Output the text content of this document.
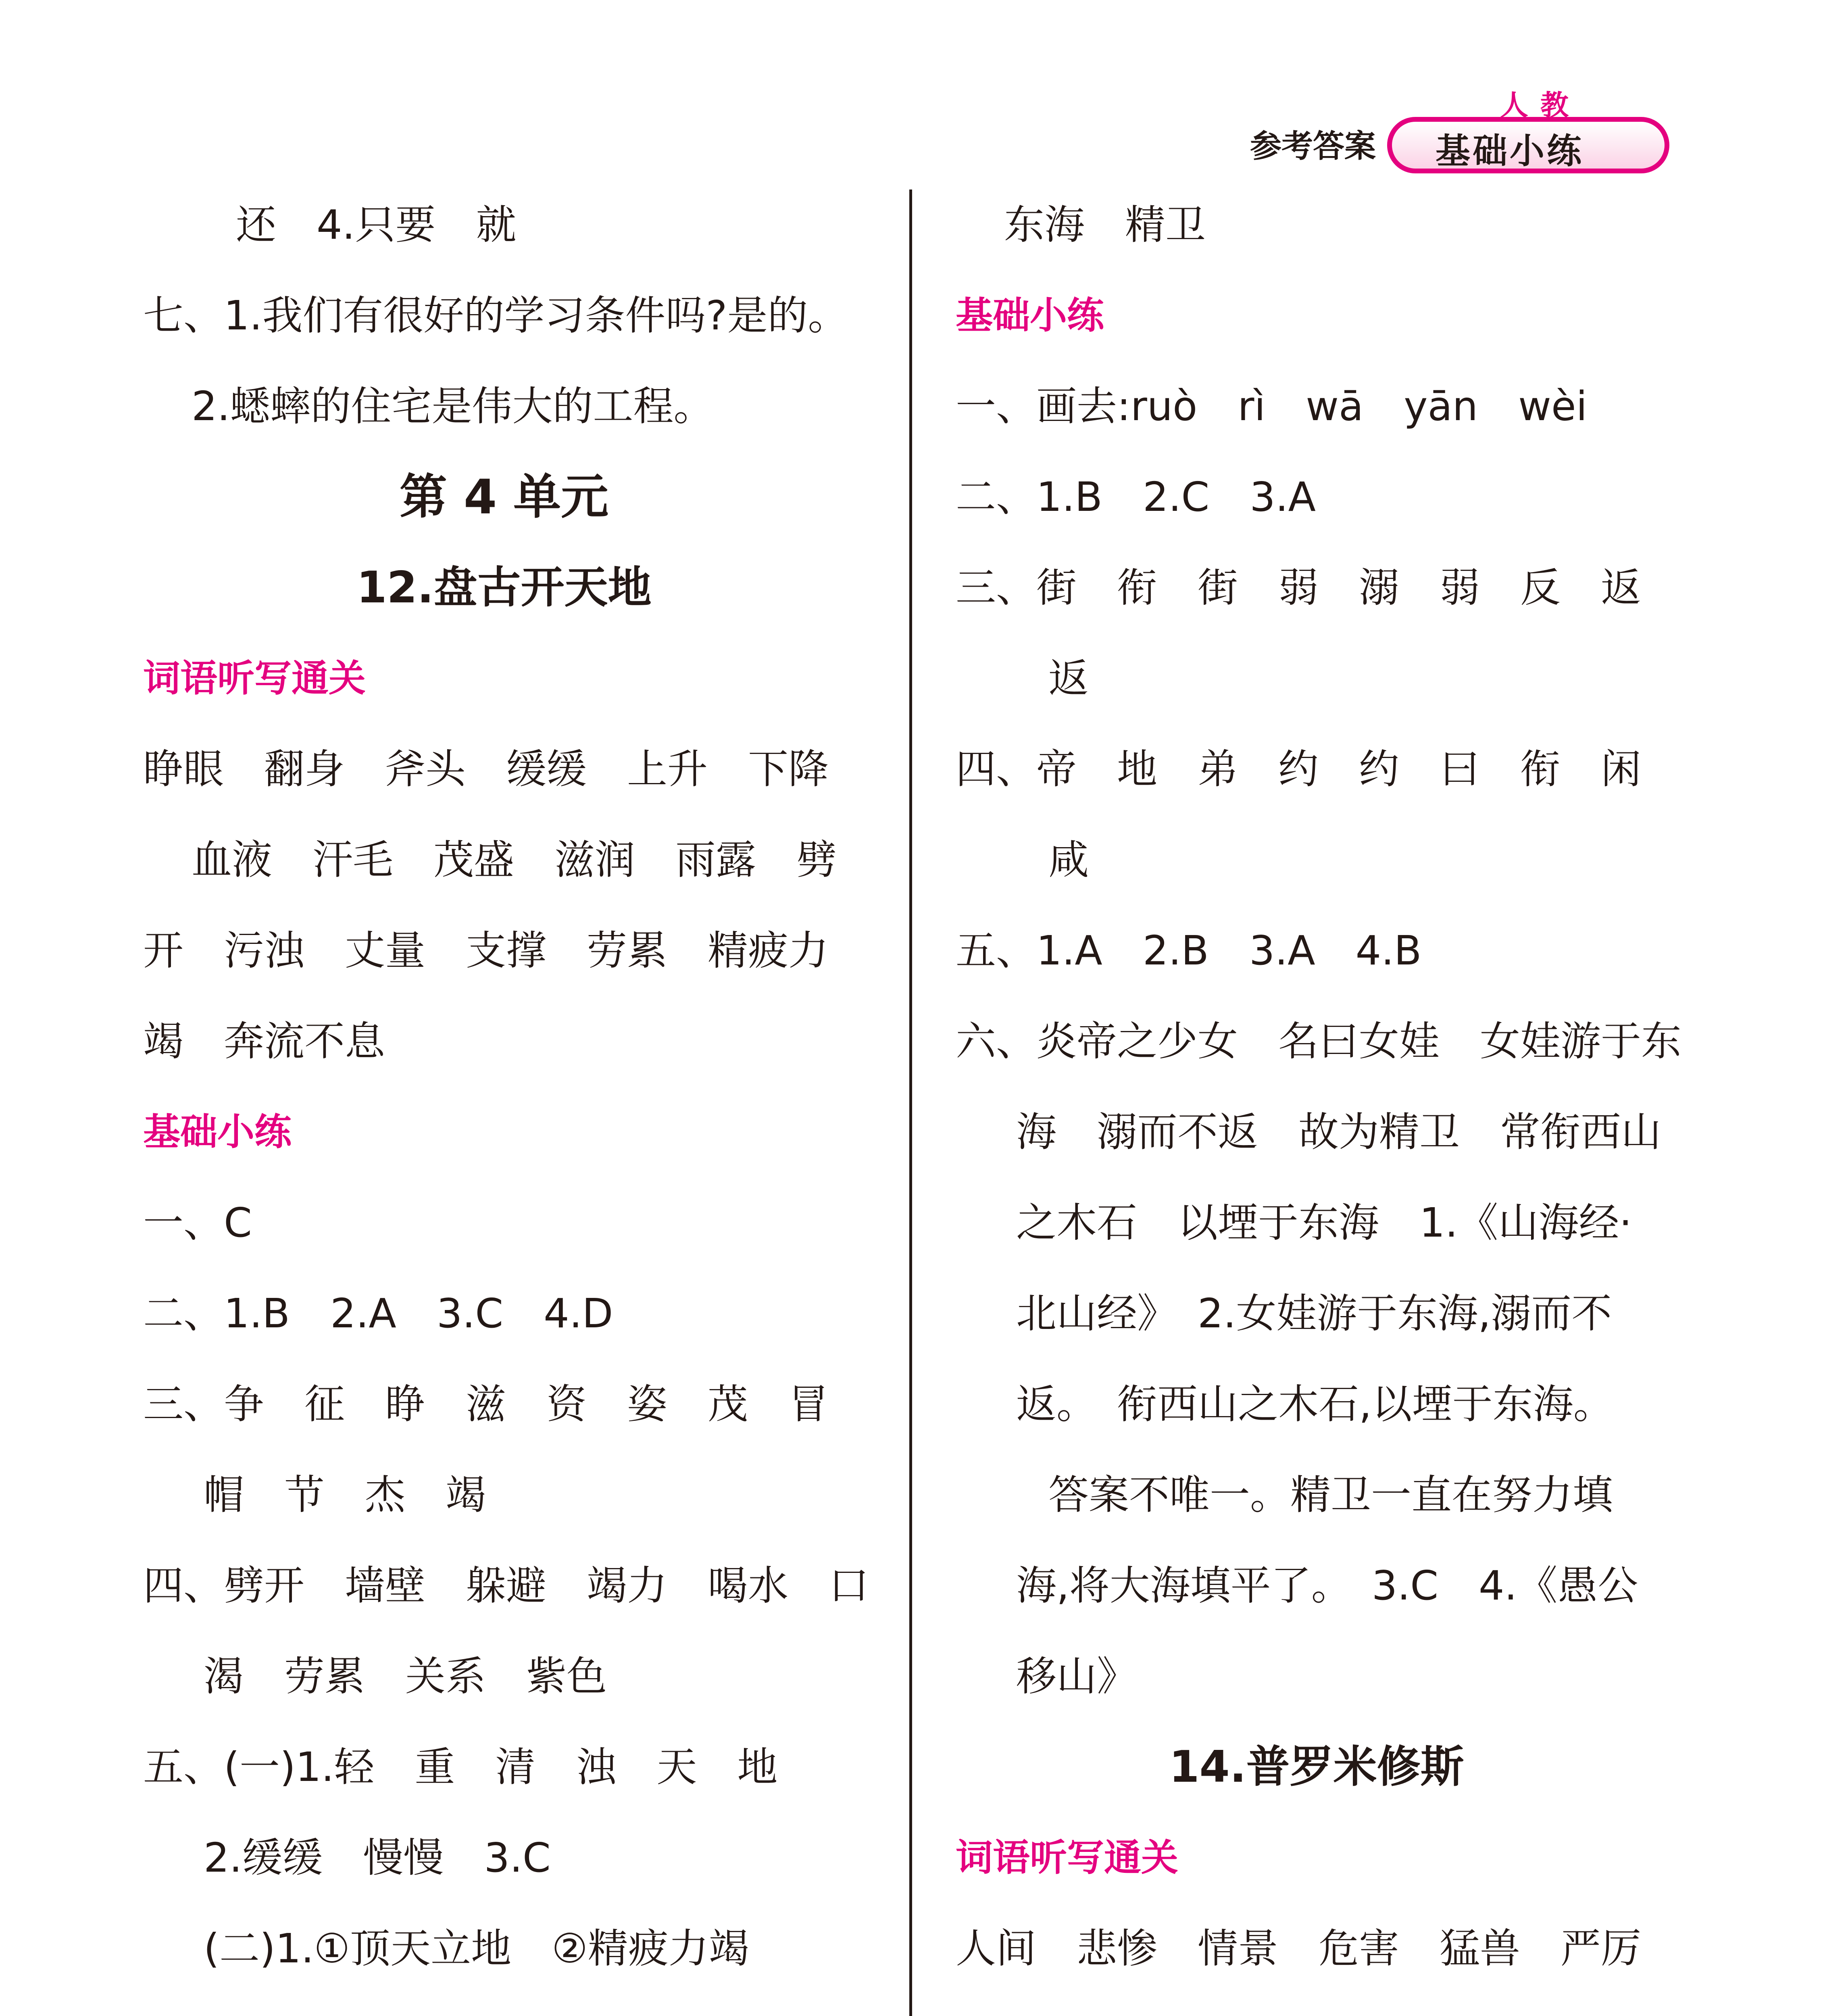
参考答案 基础小练
人教

还　4.只要　就

七、1.我们有很好的学习条件吗?是的。

2.蟋蟀的住宅是伟大的工程。

第 4 单元

12.盘古开天地

词语听写通关

睁眼　翻身　斧头　缓缓　上升　下降

血液　汗毛　茂盛　滋润　雨露　劈

开　污浊　丈量　支撑　劳累　精疲力

竭　奔流不息

基础小练

一、C

二、1.B　2.A　3.C　4.D

三、争　征　睁　滋　资　姿　茂　冒

帽　节　杰　竭

四、劈开　墙壁　躲避　竭力　喝水　口

渴　劳累　关系　紫色

五、(一)1.轻　重　清　浊　天　地

2.缓缓　慢慢　3.C

(二)1.①顶天立地　②精疲力竭

东海　精卫

基础小练

一、画去:ruò　rì　wā　yān　wèi

二、1.B　2.C　3.A

三、街　衔　街　弱　溺　弱　反　返

返

四、帝　地　弟　约　约　曰　衔　闲

咸

五、1.A　2.B　3.A　4.B

六、炎帝之少女　名曰女娃　女娃游于东

海　溺而不返　故为精卫　常衔西山

之木石　以堙于东海　1.《山海经·

北山经》　2.女娃游于东海,溺而不

返。　衔西山之木石,以堙于东海。

答案不唯一。精卫一直在努力填

海,将大海填平了。　3.C　4.《愚公

移山》

14.普罗米修斯

词语听写通关

人间　悲惨　情景　危害　猛兽　严厉
